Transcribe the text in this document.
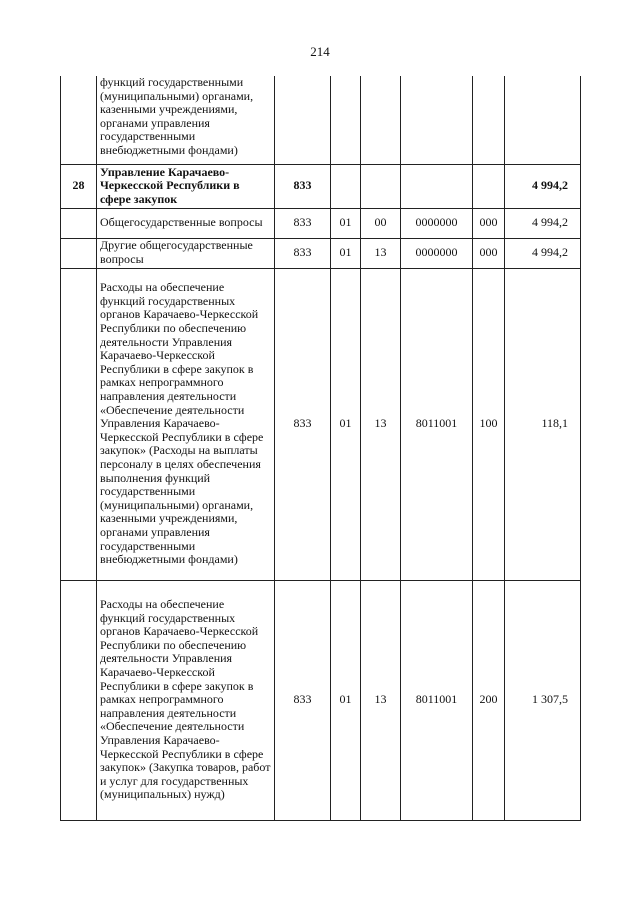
214
	функций государственными (муниципальными) органами, казенными учреждениями, органами управления государственными внебюджетными фондами)						
28	Управление Карачаево-Черкесской Республики в сфере закупок	833					4 994,2
	Общегосударственные вопросы	833	01	00	0000000	000	4 994,2
	Другие общегосударственные вопросы	833	01	13	0000000	000	4 994,2
	Расходы на обеспечение функций государственных органов Карачаево-Черкесской Республики по обеспечению деятельности Управления Карачаево-Черкесской Республики в сфере закупок в рамках непрограммного направления деятельности «Обеспечение деятельности Управления Карачаево-Черкесской Республики в сфере закупок» (Расходы на выплаты персоналу в целях обеспечения выполнения функций государственными (муниципальными) органами, казенными учреждениями, органами управления государственными внебюджетными фондами)	833	01	13	8011001	100	118,1
	Расходы на обеспечение функций государственных органов Карачаево-Черкесской Республики по обеспечению деятельности Управления Карачаево-Черкесской Республики в сфере закупок в рамках непрограммного направления деятельности «Обеспечение деятельности Управления Карачаево-Черкесской Республики в сфере закупок» (Закупка товаров, работ и услуг для государственных (муниципальных) нужд)	833	01	13	8011001	200	1 307,5
